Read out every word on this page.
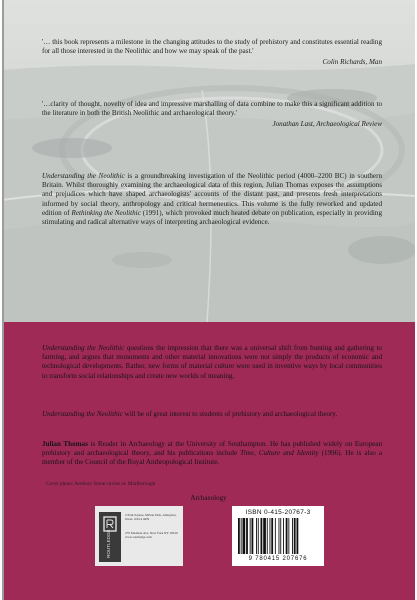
'… this book represents a milestone in the changing attitudes to the study of prehistory and constitutes essential reading for all those interested in the Neolithic and how we may speak of the past.'

Colin Richards, Man

'…clarity of thought, novelty of idea and impressive marshalling of data combine to make this a significant addition to the literature in both the British Neolithic and archaeological theory.'

Jonathan Last, Archaeological Review

Understanding the Neolithic is a groundbreaking investigation of the Neolithic period (4000–2200 BC) in southern Britain. Whilst thoroughly examining the archaeological data of this region, Julian Thomas exposes the assumptions and prejudices which have shaped archaeologists' accounts of the distant past, and presents fresh interpretations informed by social theory, anthropology and critical hermeneutics. This volume is the fully reworked and updated edition of Rethinking the Neolithic (1991), which provoked much heated debate on publication, especially in providing stimulating and radical alternative ways of interpreting archaeological evidence.

Understanding the Neolithic questions the impression that there was a universal shift from hunting and gathering to farming, and argues that monuments and other material innovations were not simply the products of economic and technological developments. Rather, new forms of material culture were used in inventive ways by local communities to transform social relationships and create new worlds of meaning.

Understanding the Neolithic will be of great interest to students of prehistory and archaeological theory.

Julian Thomas is Reader in Archaeology at the University of Southampton. He has published widely on European prehistory and archaeological theory, and his publications include Time, Culture and Identity (1996). He is also a member of the Council of the Royal Anthropological Institute.

Cover photo: Avebury Stone circles nr. Marlborough
Archaeology
ROUTLEDGE
2 Park Square, Milton Park, Abingdon, Oxon, OX14 4RN
270 Madison Ave, New York NY 10016 www.routledge.com
ISBN 0-415-20767-3
9 780415 207676
